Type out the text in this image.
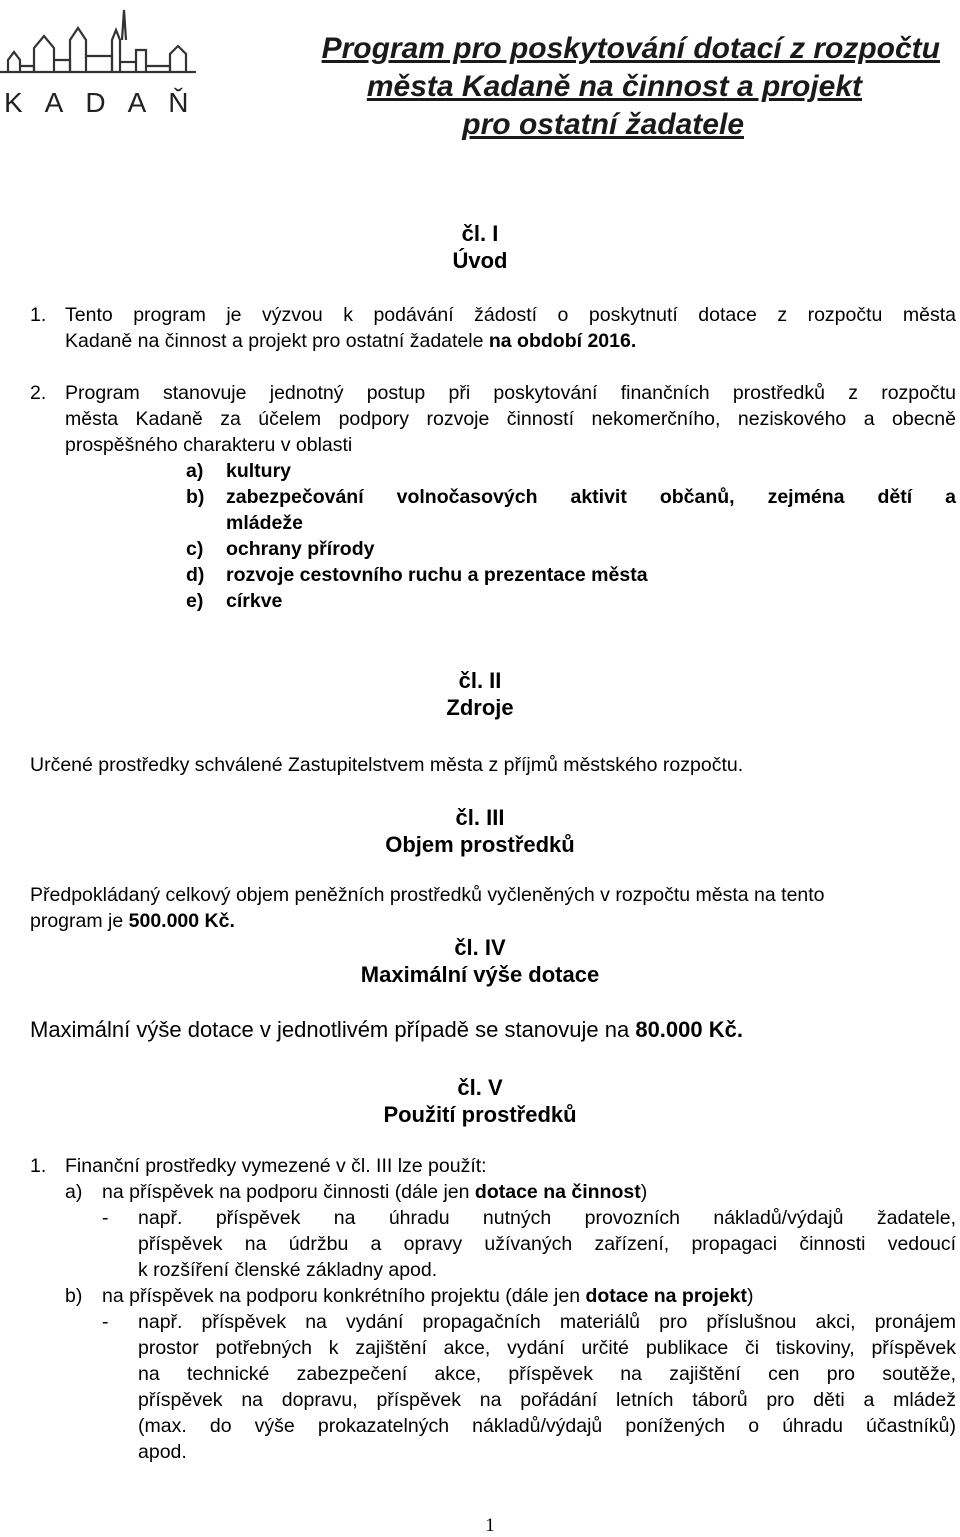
KADAŇ
Program pro poskytování dotací z rozpočtu
města Kadaně na činnost a projekt
pro ostatní žadatele
čl. I
Úvod
1. Tento program je výzvou k podávání žádostí o poskytnutí dotace z rozpočtu města
Kadaně na činnost a projekt pro ostatní žadatele na období 2016.
2. Program stanovuje jednotný postup při poskytování finančních prostředků z rozpočtu
města Kadaně za účelem podpory rozvoje činností nekomerčního, neziskového a obecně
prospěšného charakteru v oblasti
a) kultury
b)	zabezpečování volnočasových aktivit občanů, zejména dětí a
mládeže
c) ochrany přírody
d) rozvoje cestovního ruchu a prezentace města
e) církve
čl. II
Zdroje
Určené prostředky schválené Zastupitelstvem města z příjmů městského rozpočtu.
čl. III
Objem prostředků
Předpokládaný celkový objem peněžních prostředků vyčleněných v rozpočtu města na tento
program je 500.000 Kč.
čl. IV
Maximální výše dotace
Maximální výše dotace v jednotlivém případě se stanovuje na 80.000 Kč.
čl. V
Použití prostředků
1. Finanční prostředky vymezené v čl. III lze použít:
a) na příspěvek na podporu činnosti (dále jen dotace na činnost)
- např. příspěvek na úhradu nutných provozních nákladů/výdajů žadatele,
příspěvek na údržbu a opravy užívaných zařízení, propagaci činnosti vedoucí
k rozšíření členské základny apod.
b) na příspěvek na podporu konkrétního projektu (dále jen dotace na projekt)
- např. příspěvek na vydání propagačních materiálů pro příslušnou akci, pronájem
prostor potřebných k zajištění akce, vydání určité publikace či tiskoviny, příspěvek
na technické zabezpečení akce, příspěvek na zajištění cen pro soutěže,
příspěvek na dopravu, příspěvek na pořádání letních táborů pro děti a mládež
(max. do výše prokazatelných nákladů/výdajů ponížených o úhradu účastníků)
apod.
1
